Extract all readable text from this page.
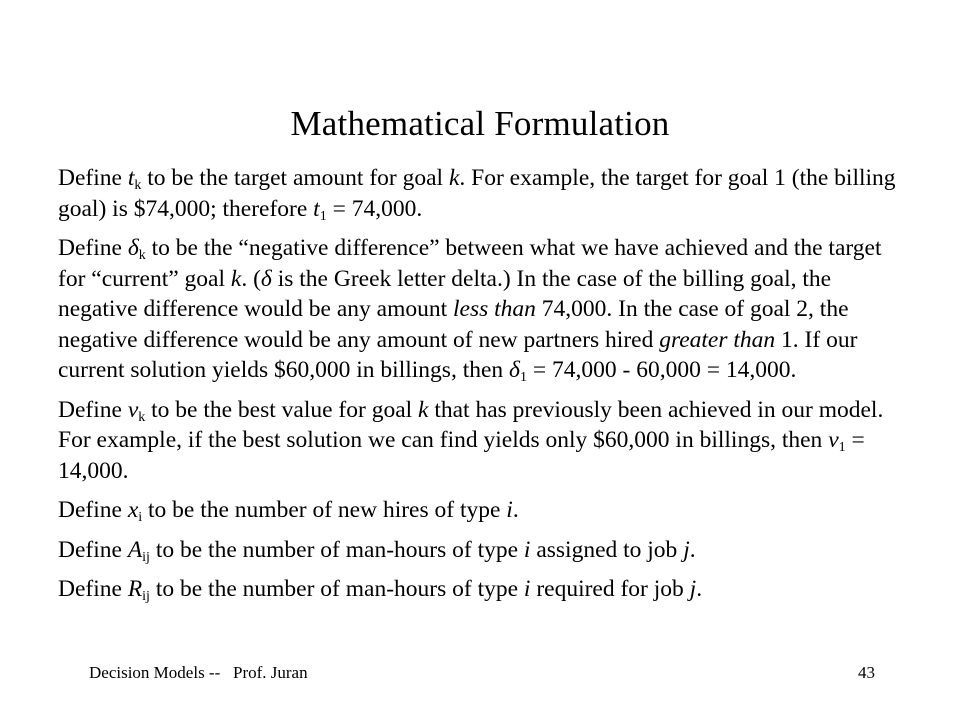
Mathematical Formulation

Define $t_k$ to be the target amount for goal k. For example, the target for goal 1 (the billing goal) is $74,000; therefore $t_1 = 74,000$.

Define $\delta_k$ to be the “negative difference” between what we have achieved and the target for “current” goal k. (δ is the Greek letter delta.) In the case of the billing goal, the negative difference would be any amount less than 74,000. In the case of goal 2, the negative difference would be any amount of new partners hired greater than 1. If our current solution yields $60,000 in billings, then $\delta_1 = 74,000 - 60,000 = 14,000$.

Define $v_k$ to be the best value for goal k that has previously been achieved in our model. For example, if the best solution we can find yields only $60,000 in billings, then $v_1 = 14,000$.

Define $x_i$ to be the number of new hires of type i.

Define $A_{ij}$ to be the number of man-hours of type i assigned to job j.

Define $R_{ij}$ to be the number of man-hours of type i required for job j.

Decision Models --   Prof. Juran	43
